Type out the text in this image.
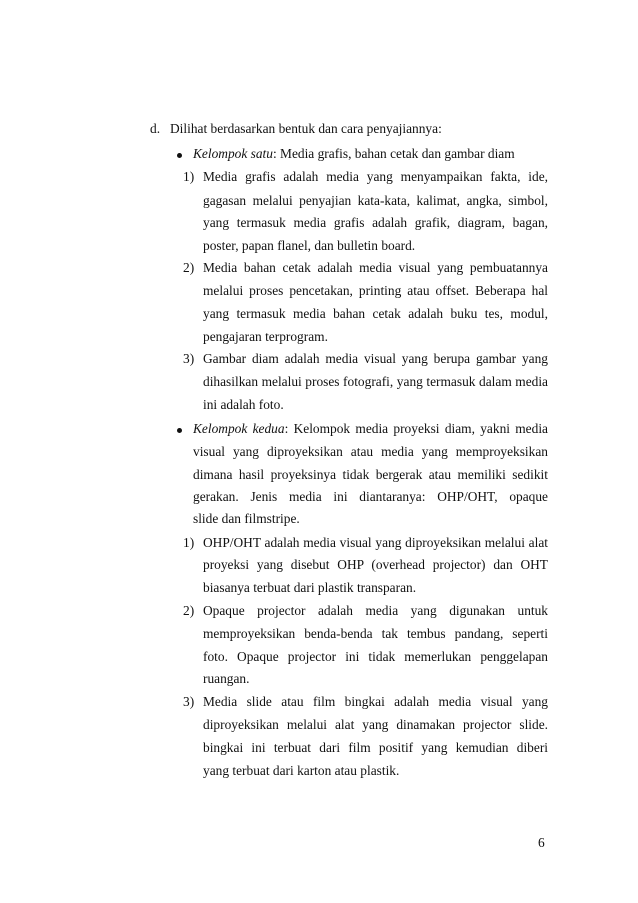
d. Dilihat berdasarkan bentuk dan cara penyajiannya:
Kelompok satu: Media grafis, bahan cetak dan gambar diam
1) Media grafis adalah media yang menyampaikan fakta, ide,
gagasan melalui penyajian kata-kata, kalimat, angka, simbol,
yang termasuk media grafis adalah grafik, diagram, bagan,
poster, papan flanel, dan bulletin board.
2) Media bahan cetak adalah media visual yang pembuatannya
melalui proses pencetakan, printing atau offset. Beberapa hal
yang termasuk media bahan cetak adalah buku tes, modul,
pengajaran terprogram.
3) Gambar diam adalah media visual yang berupa gambar yang
dihasilkan melalui proses fotografi, yang termasuk dalam media
ini adalah foto.
Kelompok kedua: Kelompok media proyeksi diam, yakni media
visual yang diproyeksikan atau media yang memproyeksikan
dimana hasil proyeksinya tidak bergerak atau memiliki sedikit
gerakan. Jenis media ini diantaranya: OHP/OHT, opaque
slide dan filmstripe.
1) OHP/OHT adalah media visual yang diproyeksikan melalui alat
proyeksi yang disebut OHP (overhead projector) dan OHT
biasanya terbuat dari plastik transparan.
2) Opaque projector adalah media yang digunakan untuk
memproyeksikan benda-benda tak tembus pandang, seperti
foto. Opaque projector ini tidak memerlukan penggelapan
ruangan.
3) Media slide atau film bingkai adalah media visual yang
diproyeksikan melalui alat yang dinamakan projector slide.
bingkai ini terbuat dari film positif yang kemudian diberi
yang terbuat dari karton atau plastik.
6
